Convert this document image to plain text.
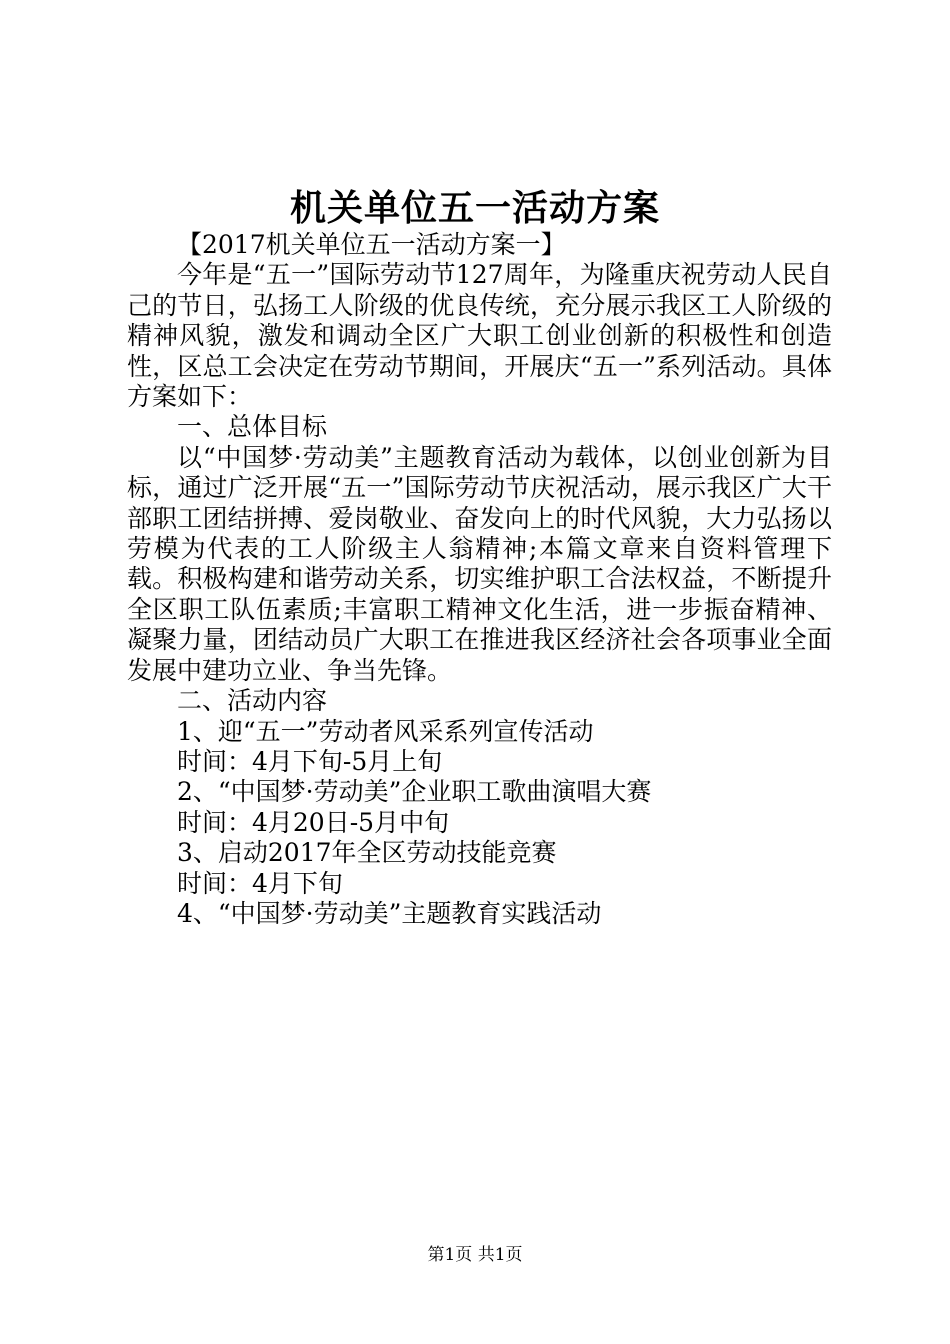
机关单位五一活动方案

【2017机关单位五一活动方案一】

今年是“五一”国际劳动节127周年，为隆重庆祝劳动人民自己的节日，弘扬工人阶级的优良传统，充分展示我区工人阶级的精神风貌，激发和调动全区广大职工创业创新的积极性和创造性，区总工会决定在劳动节期间，开展庆“五一”系列活动。具体方案如下：

一、总体目标

以“中国梦·劳动美”主题教育活动为载体，以创业创新为目标，通过广泛开展“五一”国际劳动节庆祝活动，展示我区广大干部职工团结拼搏、爱岗敬业、奋发向上的时代风貌，大力弘扬以劳模为代表的工人阶级主人翁精神;本篇文章来自资料管理下载。积极构建和谐劳动关系，切实维护职工合法权益，不断提升全区职工队伍素质;丰富职工精神文化生活，进一步振奋精神、凝聚力量，团结动员广大职工在推进我区经济社会各项事业全面发展中建功立业、争当先锋。

二、活动内容

1、迎“五一”劳动者风采系列宣传活动

时间：4月下旬-5月上旬

2、“中国梦·劳动美”企业职工歌曲演唱大赛

时间：4月20日-5月中旬

3、启动2017年全区劳动技能竞赛

时间：4月下旬

4、“中国梦·劳动美”主题教育实践活动

第1页 共1页
